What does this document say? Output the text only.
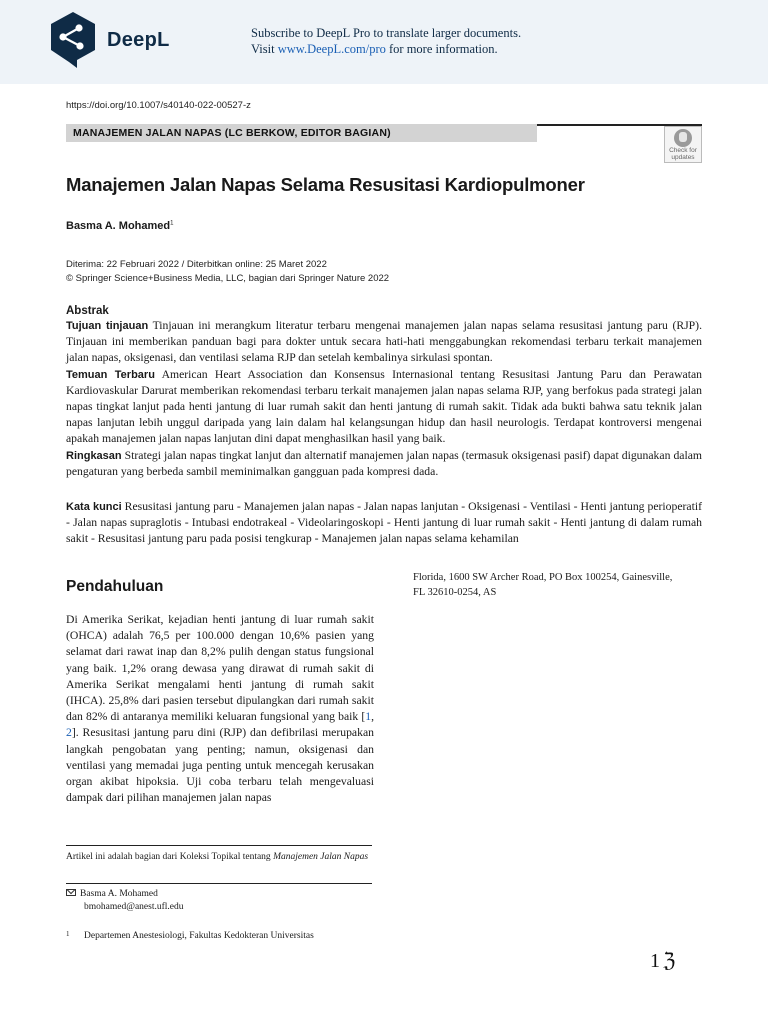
DeepL	Subscribe to DeepL Pro to translate larger documents.
Visit www.DeepL.com/pro for more information.
https://doi.org/10.1007/s40140-022-00527-z
MANAJEMEN JALAN NAPAS (LC BERKOW, EDITOR BAGIAN)
Check for
updates
Manajemen Jalan Napas Selama Resusitasi Kardiopulmoner
Basma A. Mohamed$^1$
Diterima: 22 Februari 2022 / Diterbitkan online: 25 Maret 2022
© Springer Science+Business Media, LLC, bagian dari Springer Nature 2022
Abstrak

Tujuan tinjauan Tinjauan ini merangkum literatur terbaru mengenai manajemen jalan napas selama resusitasi jantung paru (RJP). Tinjauan ini memberikan panduan bagi para dokter untuk secara hati-hati menggabungkan rekomendasi terbaru terkait manajemen jalan napas, oksigenasi, dan ventilasi selama RJP dan setelah kembalinya sirkulasi spontan.

Temuan Terbaru American Heart Association dan Konsensus Internasional tentang Resusitasi Jantung Paru dan Perawatan Kardiovaskular Darurat memberikan rekomendasi terbaru terkait manajemen jalan napas selama RJP, yang berfokus pada strategi jalan napas tingkat lanjut pada henti jantung di luar rumah sakit dan henti jantung di rumah sakit. Tidak ada bukti bahwa satu teknik jalan napas lanjutan lebih unggul daripada yang lain dalam hal kelangsungan hidup dan hasil neurologis. Terdapat kontroversi mengenai apakah manajemen jalan napas lanjutan dini dapat menghasilkan hasil yang baik.

Ringkasan Strategi jalan napas tingkat lanjut dan alternatif manajemen jalan napas (termasuk oksigenasi pasif) dapat digunakan dalam pengaturan yang berbeda sambil meminimalkan gangguan pada kompresi dada.

Kata kunci Resusitasi jantung paru - Manajemen jalan napas - Jalan napas lanjutan - Oksigenasi - Ventilasi - Henti jantung perioperatif - Jalan napas supraglotis - Intubasi endotrakeal - Videolaringoskopi - Henti jantung di luar rumah sakit - Henti jantung di dalam rumah sakit - Resusitasi jantung paru pada posisi tengkurap - Manajemen jalan napas selama kehamilan

Pendahuluan

Di Amerika Serikat, kejadian henti jantung di luar rumah sakit (OHCA) adalah 76,5 per 100.000 dengan 10,6% pasien yang selamat dari rawat inap dan 8,2% pulih dengan status fungsional yang baik. 1,2% orang dewasa yang dirawat di rumah sakit di Amerika Serikat mengalami henti jantung di rumah sakit (IHCA). 25,8% dari pasien tersebut dipulangkan dari rumah sakit dan 82% di antaranya memiliki keluaran fungsional yang baik [1, 2]. Resusitasi jantung paru dini (RJP) dan defibrilasi merupakan langkah pengobatan yang penting; namun, oksigenasi dan ventilasi yang memadai juga penting untuk mencegah kerusakan organ akibat hipoksia. Uji coba terbaru telah mengevaluasi dampak dari pilihan manajemen jalan napas

Florida, 1600 SW Archer Road, PO Box 100254, Gainesville,
FL 32610-0254, AS

Artikel ini adalah bagian dari Koleksi Topikal tentang Manajemen Jalan Napas

Basma A. Mohamed
bmohamed@anest.ufl.edu
1 Departemen Anestesiologi, Fakultas Kedokteran Universitas
1 ℨ
